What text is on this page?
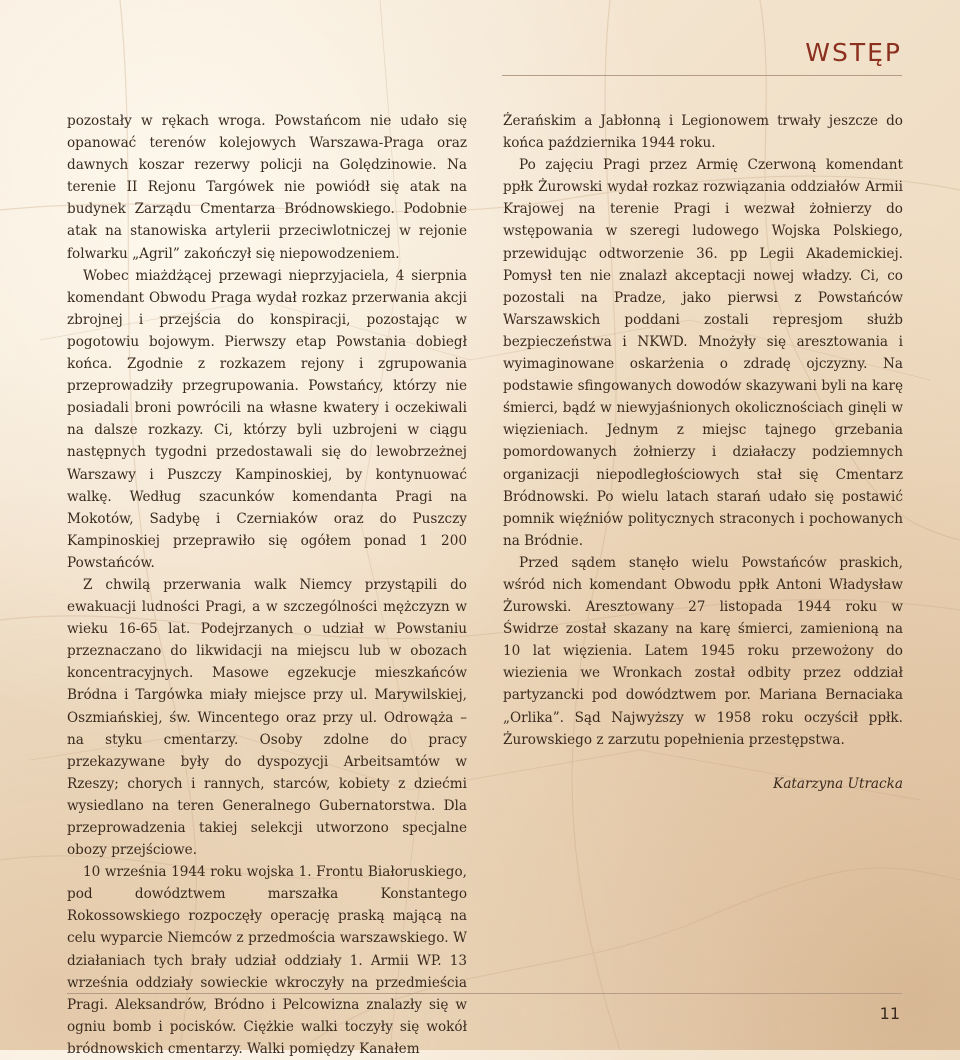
WSTĘP

pozostały w rękach wroga. Powstańcom nie udało się opanować terenów kolejowych Warszawa-Praga oraz dawnych koszar rezerwy policji na Golędzinowie. Na terenie II Rejonu Targówek nie powiódł się atak na budynek Zarządu Cmentarza Bródnowskiego. Podobnie atak na stanowiska artylerii przeciwlotniczej w rejonie folwarku „Agril” zakończył się niepowodzeniem.

Wobec miażdżącej przewagi nieprzyjaciela, 4 sierpnia komendant Obwodu Praga wydał rozkaz przerwania akcji zbrojnej i przejścia do konspiracji, pozostając w pogotowiu bojowym. Pierwszy etap Powstania dobiegł końca. Zgodnie z rozkazem rejony i zgrupowania przeprowadziły przegrupowania. Powstańcy, którzy nie posiadali broni powrócili na własne kwatery i oczekiwali na dalsze rozkazy. Ci, którzy byli uzbrojeni w ciągu następnych tygodni przedostawali się do lewobrzeżnej Warszawy i Puszczy Kampinoskiej, by kontynuować walkę. Według szacunków komendanta Pragi na Mokotów, Sadybę i Czerniaków oraz do Puszczy Kampinoskiej przeprawiło się ogółem ponad 1 200 Powstańców.

Z chwilą przerwania walk Niemcy przystąpili do ewakuacji ludności Pragi, a w szczególności mężczyzn w wieku 16-65 lat. Podejrzanych o udział w Powstaniu przeznaczano do likwidacji na miejscu lub w obozach koncentracyjnych. Masowe egzekucje mieszkańców Bródna i Targówka miały miejsce przy ul. Marywilskiej, Oszmiańskiej, św. Wincentego oraz przy ul. Odrowąża – na styku cmentarzy. Osoby zdolne do pracy przekazywane były do dyspozycji Arbeitsamtów w Rzeszy; chorych i rannych, starców, kobiety z dziećmi wysiedlano na teren Generalnego Gubernatorstwa. Dla przeprowadzenia takiej selekcji utworzono specjalne obozy przejściowe.

10 września 1944 roku wojska 1. Frontu Białoruskiego, pod dowództwem marszałka Konstantego Rokossowskiego rozpoczęły operację praską mającą na celu wyparcie Niemców z przedmościa warszawskiego. W działaniach tych brały udział oddziały 1. Armii WP. 13 września oddziały sowieckie wkroczyły na przedmieścia Pragi. Aleksandrów, Bródno i Pelcowizna znalazły się w ogniu bomb i pocisków. Ciężkie walki toczyły się wokół bródnowskich cmentarzy. Walki pomiędzy Kanałem

Żerańskim a Jabłonną i Legionowem trwały jeszcze do końca października 1944 roku.

Po zajęciu Pragi przez Armię Czerwoną komendant ppłk Żurowski wydał rozkaz rozwiązania oddziałów Armii Krajowej na terenie Pragi i wezwał żołnierzy do wstępowania w szeregi ludowego Wojska Polskiego, przewidując odtworzenie 36. pp Legii Akademickiej. Pomysł ten nie znalazł akceptacji nowej władzy. Ci, co pozostali na Pradze, jako pierwsi z Powstańców Warszawskich poddani zostali represjom służb bezpieczeństwa i NKWD. Mnożyły się aresztowania i wyimaginowane oskarżenia o zdradę ojczyzny. Na podstawie sfingowanych dowodów skazywani byli na karę śmierci, bądź w niewyjaśnionych okolicznościach ginęli w więzieniach. Jednym z miejsc tajnego grzebania pomordowanych żołnierzy i działaczy podziemnych organizacji niepodległościowych stał się Cmentarz Bródnowski. Po wielu latach starań udało się postawić pomnik więźniów politycznych straconych i pochowanych na Bródnie.

Przed sądem stanęło wielu Powstańców praskich, wśród nich komendant Obwodu ppłk Antoni Władysław Żurowski. Aresztowany 27 listopada 1944 roku w Świdrze został skazany na karę śmierci, zamienioną na 10 lat więzienia. Latem 1945 roku przewożony do wiezienia we Wronkach został odbity przez oddział partyzancki pod dowództwem por. Mariana Bernaciaka „Orlika”. Sąd Najwyższy w 1958 roku oczyścił ppłk. Żurowskiego z zarzutu popełnienia przestępstwa.

Katarzyna Utracka

11
